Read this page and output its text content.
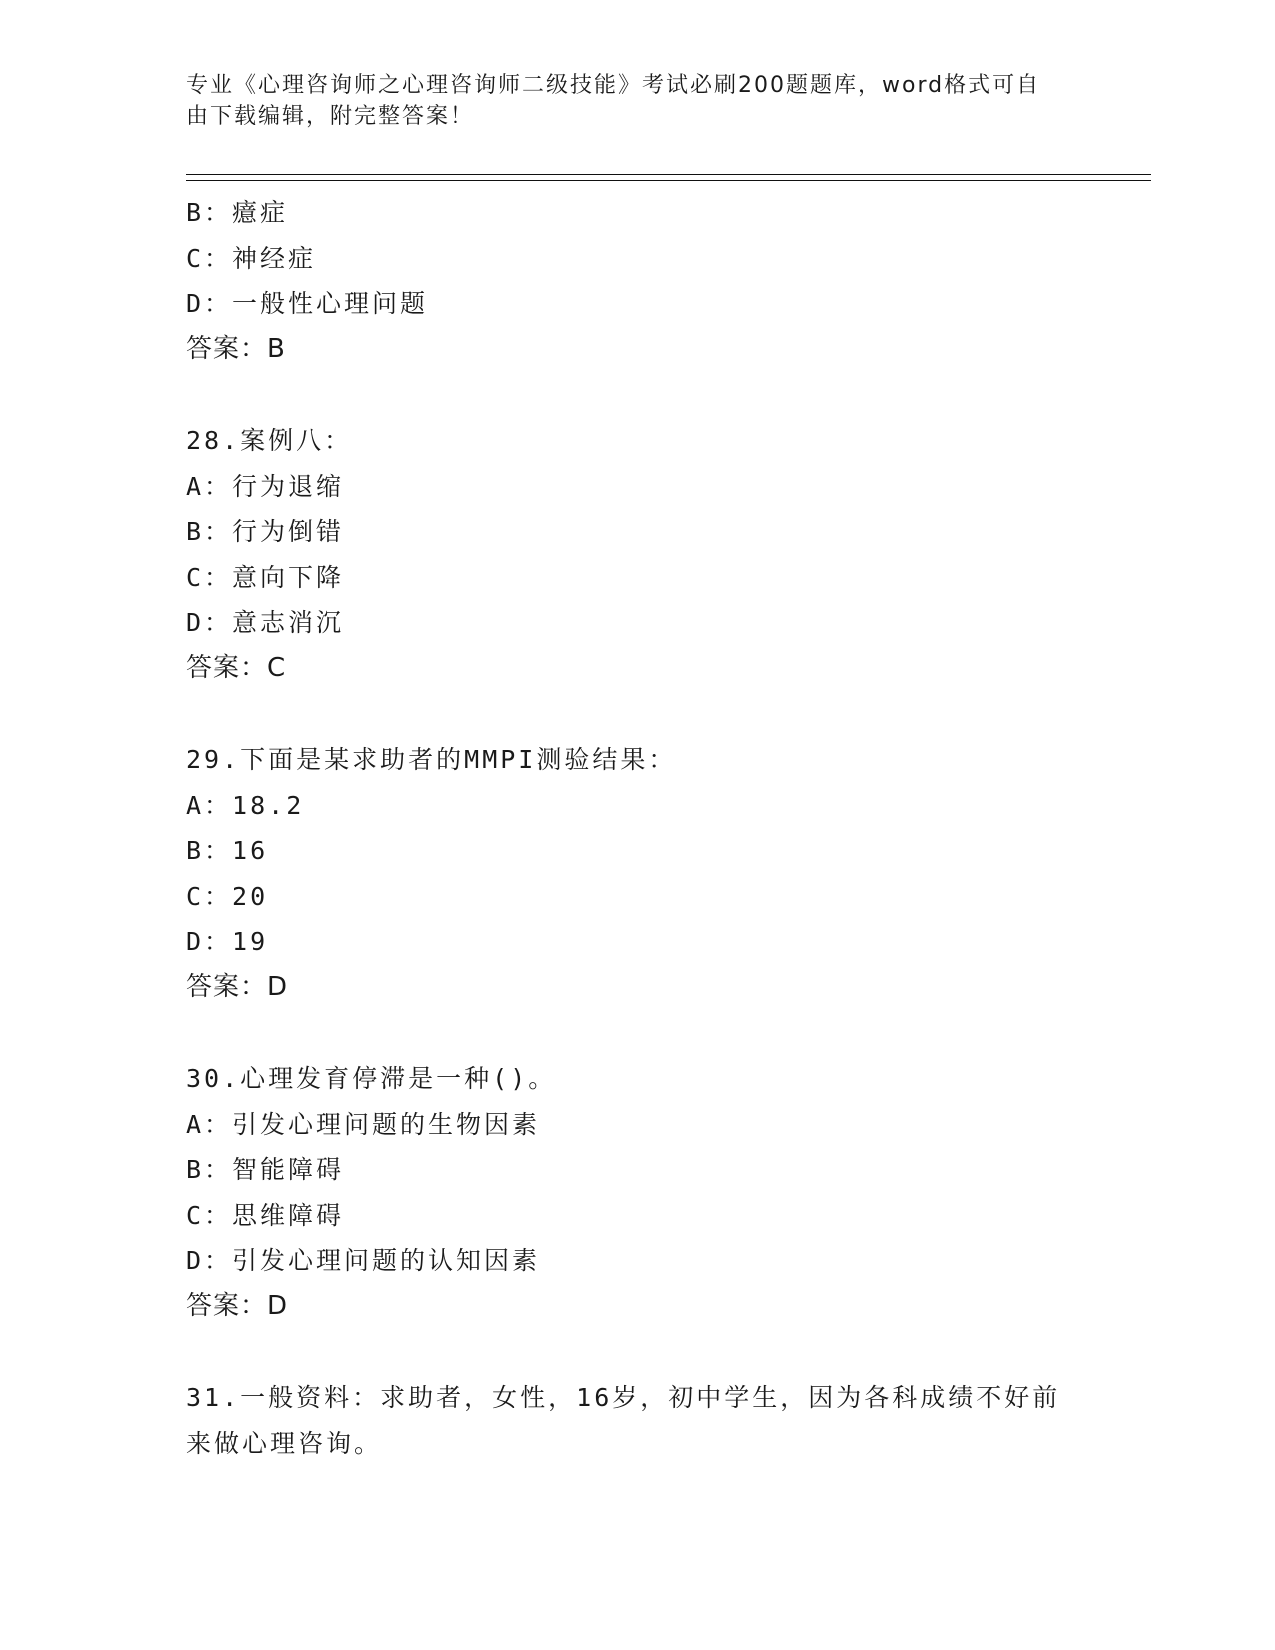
专业《心理咨询师之心理咨询师二级技能》考试必刷200题题库，word格式可自
由下载编辑，附完整答案！
B：癔症
C：神经症
D：一般性心理问题
答案：B
28.案例八：
A：行为退缩
B：行为倒错
C：意向下降
D：意志消沉
答案：C
29.下面是某求助者的MMPI测验结果：
A：18.2
B：16
C：20
D：19
答案：D
30.心理发育停滞是一种()。
A：引发心理问题的生物因素
B：智能障碍
C：思维障碍
D：引发心理问题的认知因素
答案：D
31.一般资料：求助者，女性，16岁，初中学生，因为各科成绩不好前
来做心理咨询。
